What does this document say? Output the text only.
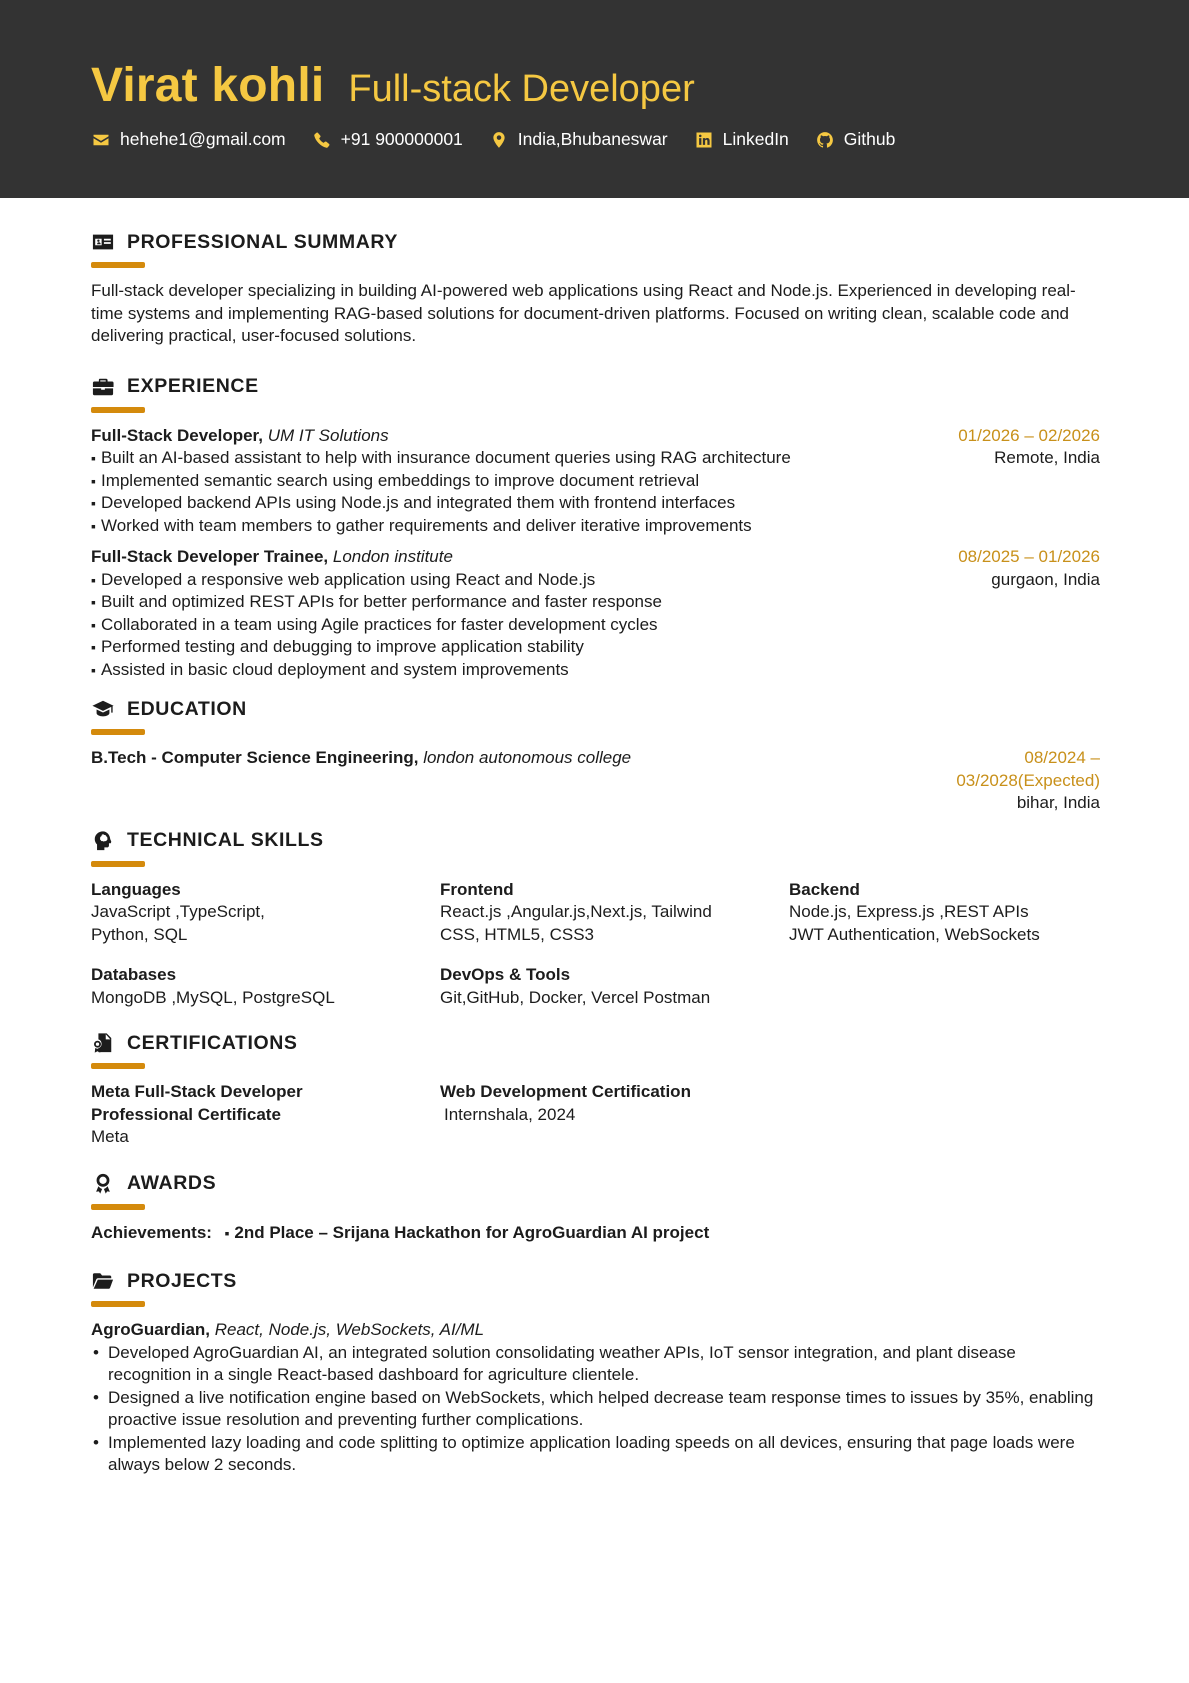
Virat kohli Full-stack Developer
hehehe1@gmail.com	+91 900000001	India,Bhubaneswar	LinkedIn	Github
PROFESSIONAL SUMMARY

Full-stack developer specializing in building AI-powered web applications using React and Node.js. Experienced in developing real-time systems and implementing RAG-based solutions for document-driven platforms. Focused on writing clean, scalable code and delivering practical, user-focused solutions.

EXPERIENCE
Full-Stack Developer, UM IT Solutions
▪ Built an AI-based assistant to help with insurance document queries using RAG architecture
▪ Implemented semantic search using embeddings to improve document retrieval
▪ Developed backend APIs using Node.js and integrated them with frontend interfaces
▪ Worked with team members to gather requirements and deliver iterative improvements
01/2026 – 02/2026
Remote, India
Full-Stack Developer Trainee, London institute
▪ Developed a responsive web application using React and Node.js
▪ Built and optimized REST APIs for better performance and faster response
▪ Collaborated in a team using Agile practices for faster development cycles
▪ Performed testing and debugging to improve application stability
▪ Assisted in basic cloud deployment and system improvements
08/2025 – 01/2026
gurgaon, India
EDUCATION
B.Tech - Computer Science Engineering, london autonomous college	08/2024 –
03/2028(Expected)
bihar, India
TECHNICAL SKILLS
Languages
JavaScript ,TypeScript, Python, SQL
Frontend
React.js ,Angular.js,Next.js, Tailwind CSS, HTML5, CSS3
Backend
Node.js, Express.js ,REST APIs JWT Authentication, WebSockets
Databases
MongoDB ,MySQL, PostgreSQL
DevOps & Tools
Git,GitHub, Docker, Vercel Postman
CERTIFICATIONS
Meta Full-Stack Developer Professional Certificate
Meta
Web Development Certification
Internshala, 2024
AWARDS
Achievements: ▪ 2nd Place – Srijana Hackathon for AgroGuardian AI project
PROJECTS
AgroGuardian, React, Node.js, WebSockets, AI/ML
• Developed AgroGuardian AI, an integrated solution consolidating weather APIs, IoT sensor integration, and plant disease recognition in a single React-based dashboard for agriculture clientele.
• Designed a live notification engine based on WebSockets, which helped decrease team response times to issues by 35%, enabling proactive issue resolution and preventing further complications.
• Implemented lazy loading and code splitting to optimize application loading speeds on all devices, ensuring that page loads were always below 2 seconds.
